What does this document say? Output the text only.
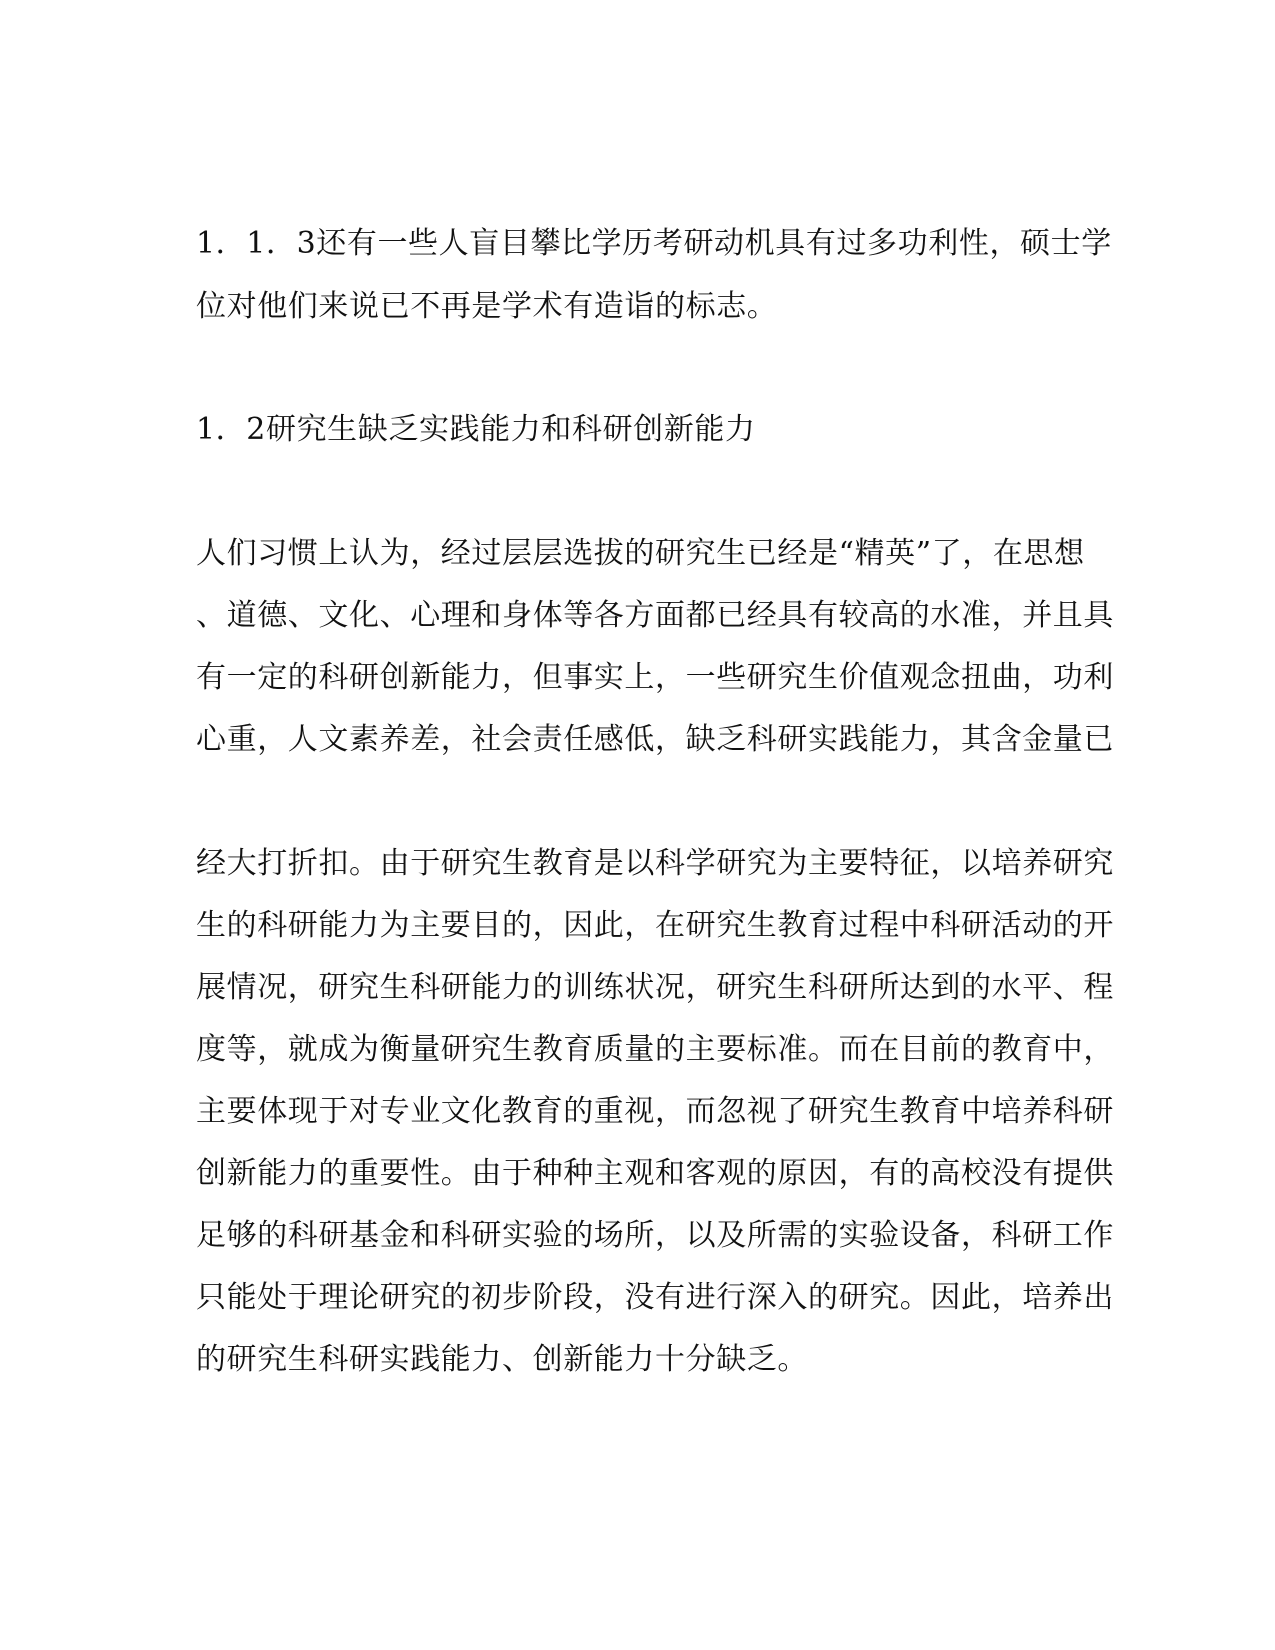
1．1．3还有一些人盲目攀比学历考研动机具有过多功利性，硕士学
位对他们来说已不再是学术有造诣的标志。
1．2研究生缺乏实践能力和科研创新能力
人们习惯上认为，经过层层选拔的研究生已经是“精英”了，在思想
、道德、文化、心理和身体等各方面都已经具有较高的水准，并且具
有一定的科研创新能力，但事实上，一些研究生价值观念扭曲，功利
心重，人文素养差，社会责任感低，缺乏科研实践能力，其含金量已
经大打折扣。由于研究生教育是以科学研究为主要特征，以培养研究
生的科研能力为主要目的，因此，在研究生教育过程中科研活动的开
展情况，研究生科研能力的训练状况，研究生科研所达到的水平、程
度等，就成为衡量研究生教育质量的主要标准。而在目前的教育中，
主要体现于对专业文化教育的重视，而忽视了研究生教育中培养科研
创新能力的重要性。由于种种主观和客观的原因，有的高校没有提供
足够的科研基金和科研实验的场所，以及所需的实验设备，科研工作
只能处于理论研究的初步阶段，没有进行深入的研究。因此，培养出
的研究生科研实践能力、创新能力十分缺乏。
